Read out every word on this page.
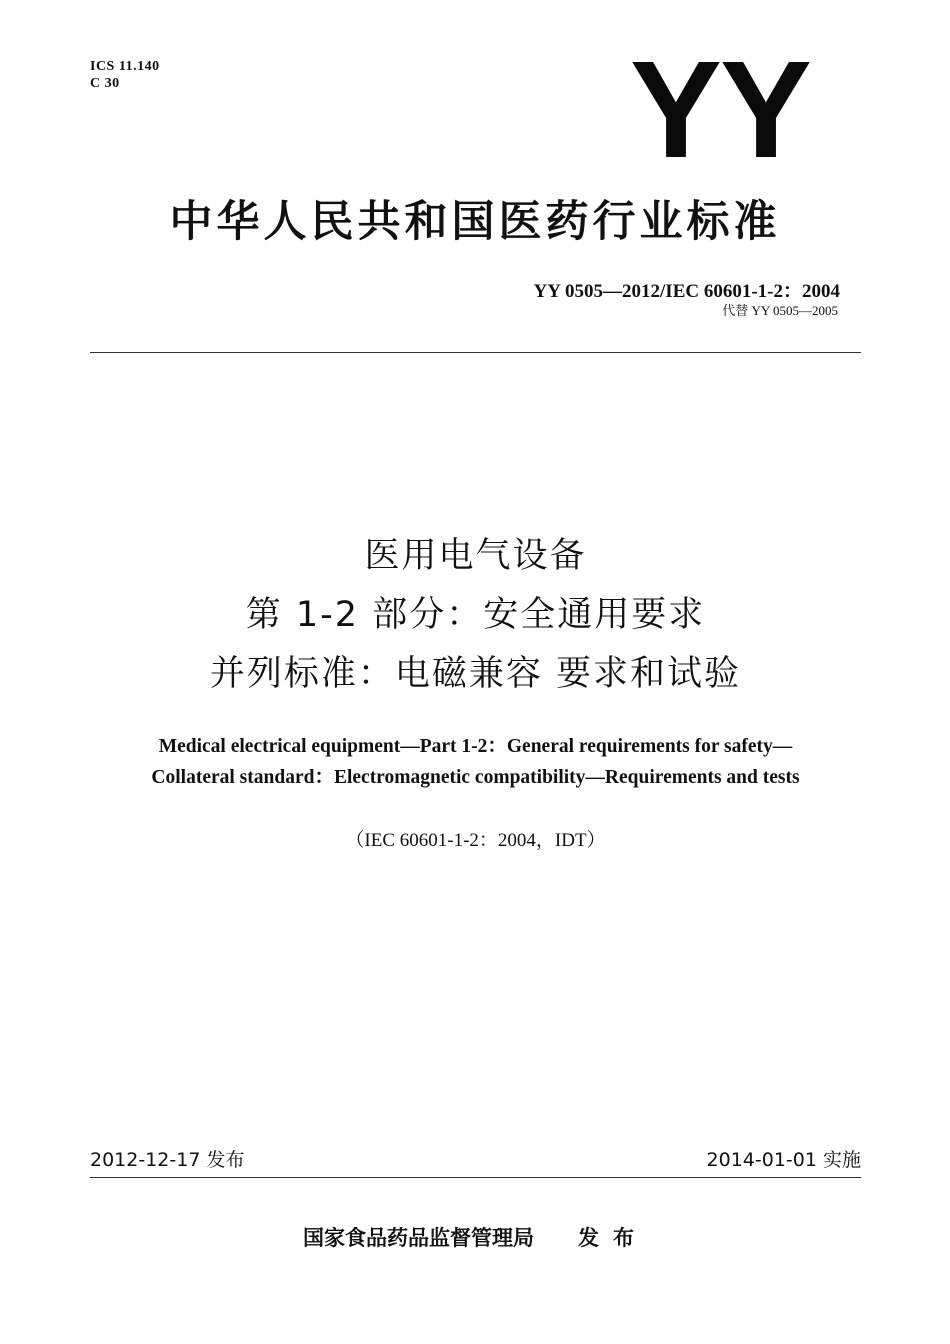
ICS 11.140
C 30	YY
中华人民共和国医药行业标准
YY 0505—2012/IEC 60601-1-2：2004
代替 YY 0505—2005
医用电气设备
第 1-2 部分：安全通用要求
并列标准：电磁兼容 要求和试验
Medical electrical equipment—Part 1-2：General requirements for safety—
Collateral standard：Electromagnetic compatibility—Requirements and tests
（IEC 60601-1-2：2004，IDT）
2012-12-17 发布	2014-01-01 实施
国家食品药品监督管理局 发布
